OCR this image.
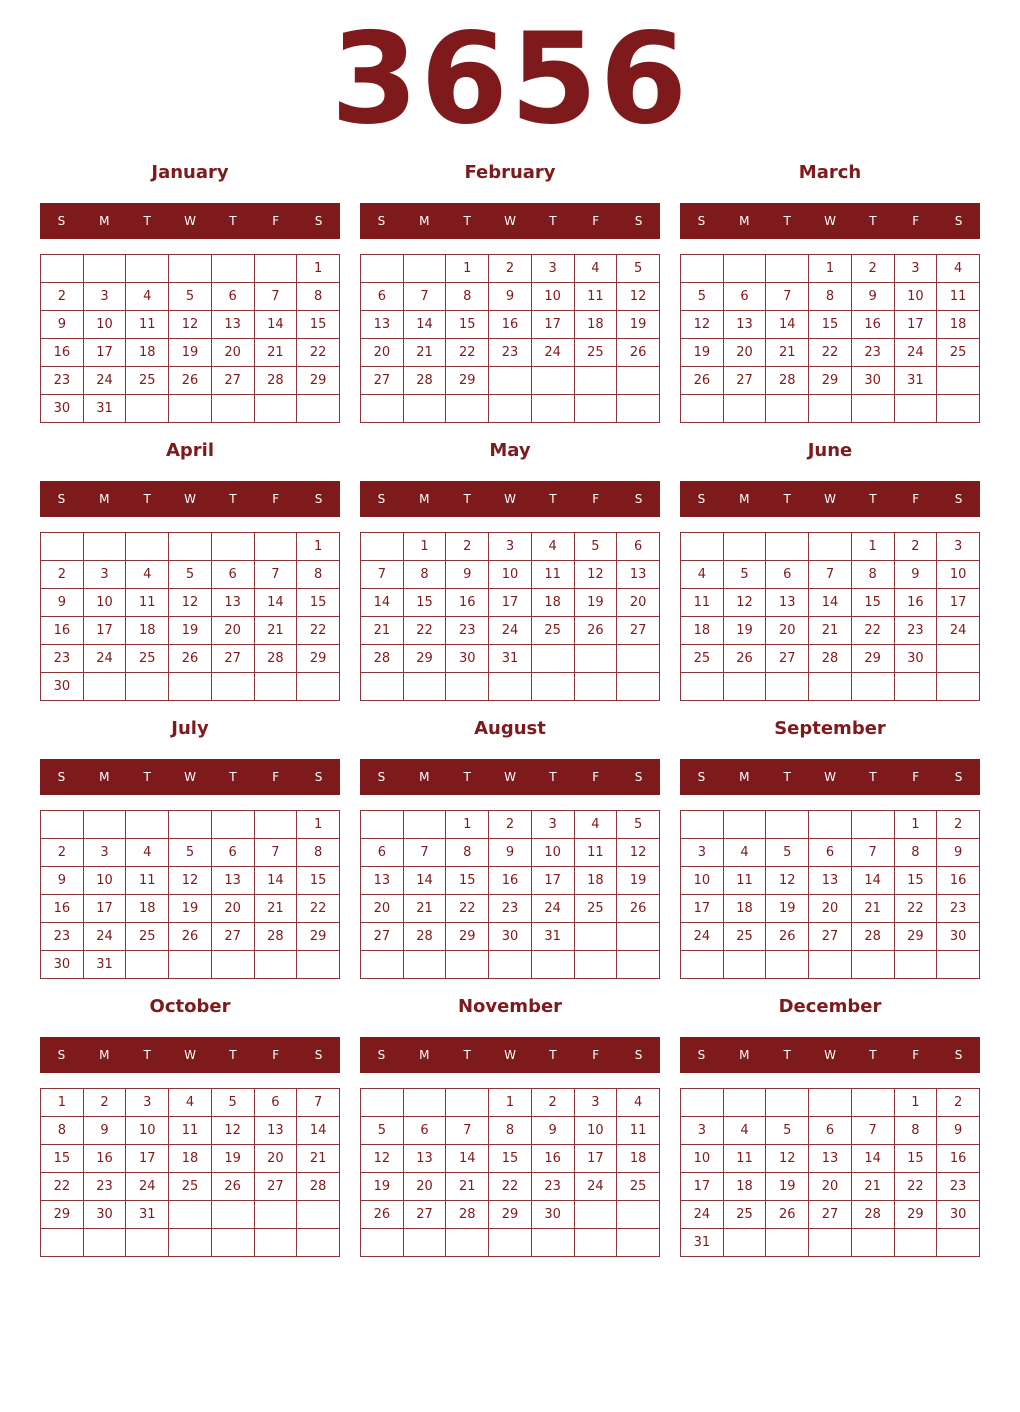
3656
January
S	M	T	W	T	F	S
						1
2	3	4	5	6	7	8
9	10	11	12	13	14	15
16	17	18	19	20	21	22
23	24	25	26	27	28	29
30	31					
February
S	M	T	W	T	F	S
		1	2	3	4	5
6	7	8	9	10	11	12
13	14	15	16	17	18	19
20	21	22	23	24	25	26
27	28	29				

March
S	M	T	W	T	F	S
			1	2	3	4
5	6	7	8	9	10	11
12	13	14	15	16	17	18
19	20	21	22	23	24	25
26	27	28	29	30	31	

April
S	M	T	W	T	F	S
						1
2	3	4	5	6	7	8
9	10	11	12	13	14	15
16	17	18	19	20	21	22
23	24	25	26	27	28	29
30						
May
S	M	T	W	T	F	S
	1	2	3	4	5	6
7	8	9	10	11	12	13
14	15	16	17	18	19	20
21	22	23	24	25	26	27
28	29	30	31			

June
S	M	T	W	T	F	S
				1	2	3
4	5	6	7	8	9	10
11	12	13	14	15	16	17
18	19	20	21	22	23	24
25	26	27	28	29	30	

July
S	M	T	W	T	F	S
						1
2	3	4	5	6	7	8
9	10	11	12	13	14	15
16	17	18	19	20	21	22
23	24	25	26	27	28	29
30	31					
August
S	M	T	W	T	F	S
		1	2	3	4	5
6	7	8	9	10	11	12
13	14	15	16	17	18	19
20	21	22	23	24	25	26
27	28	29	30	31		

September
S	M	T	W	T	F	S
					1	2
3	4	5	6	7	8	9
10	11	12	13	14	15	16
17	18	19	20	21	22	23
24	25	26	27	28	29	30

October
S	M	T	W	T	F	S
1	2	3	4	5	6	7
8	9	10	11	12	13	14
15	16	17	18	19	20	21
22	23	24	25	26	27	28
29	30	31				

November
S	M	T	W	T	F	S
			1	2	3	4
5	6	7	8	9	10	11
12	13	14	15	16	17	18
19	20	21	22	23	24	25
26	27	28	29	30		

December
S	M	T	W	T	F	S
					1	2
3	4	5	6	7	8	9
10	11	12	13	14	15	16
17	18	19	20	21	22	23
24	25	26	27	28	29	30
31						
